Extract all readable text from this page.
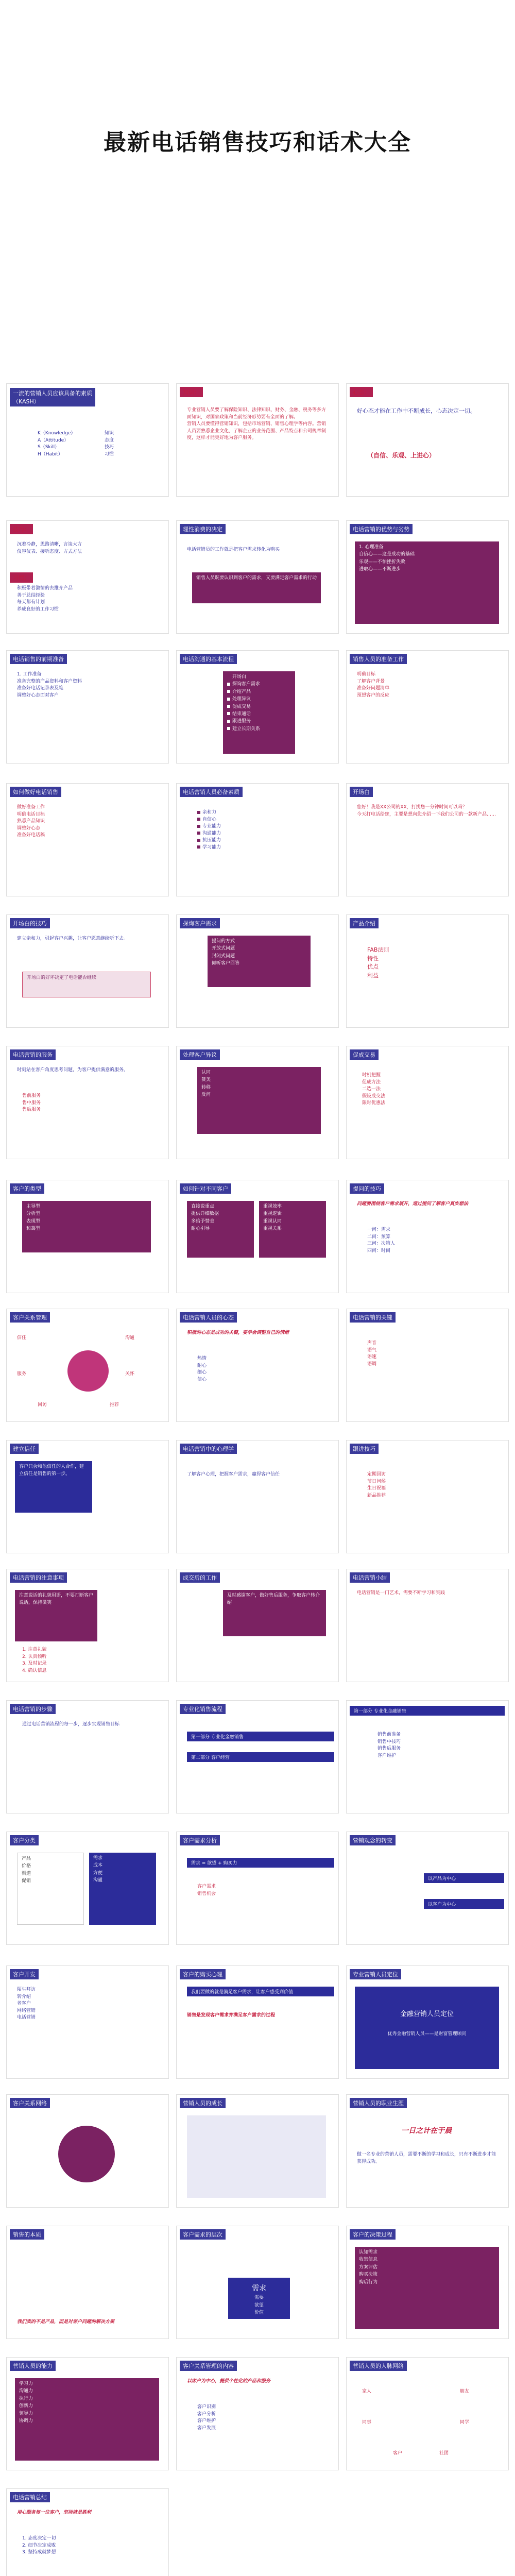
最新电话销售技巧和话术大全
一流的营销人员应该具备的素质
（KASH）
K（Knowledge）	知识
A（Attitude）	态度
S（Skill）	技巧
H（Habit）	习惯
知识：
专业营销人员要了解保险知识、法律知识、财务、金融、税务等多方面知识，对国家政策和当前经济形势要有全面的了解。
营销人员要懂得营销知识，包括市场营销、销售心理学等内容。营销人员要熟悉企业文化，了解企业的业务范围、产品特点和公司规章制度，这样才能更好地为客户服务。
心态：
好心态才能在工作中不断成长，心态决定一切。
（自信、乐观、上进心）
技巧：
沉着冷静，思路清晰，言谈大方
仪容仪表、接听态度、方式方法
习惯：
积极带着激情的去推介产品
善于总结经验
每天都有计划
养成良好的工作习惯
理性消费的决定
电话营销员的工作就是把客户需求转化为购买
销售人员既要认识到客户的需求，又要满足客户需求的行动
电话营销的优势与劣势
1. 心理准备
自信心——这是成功的基础
乐观——不怕挫折失败
进取心——不断进步
电话销售的前期准备
1. 工作准备
准备完整的产品资料和客户资料
准备好电话记录表及笔
调整好心态面对客户
电话沟通的基本流程
开场白
探询客户需求
介绍产品
处理异议
促成交易
结束通话
跟进服务
建立长期关系
销售人员的准备工作
明确目标
了解客户背景
准备好问题清单
预想客户的反应
如何做好电话销售
做好准备工作
明确电话目标
熟悉产品知识
调整好心态
准备好电话稿
电话营销人员必备素质
亲和力
自信心
专业能力
沟通能力
抗压能力
学习能力
开场白
您好！我是XX公司的XX，打扰您一分钟时间可以吗？
今天打电话给您，主要是想向您介绍一下我们公司的一款新产品……
开场白的技巧
建立亲和力，引起客户兴趣，让客户愿意继续听下去。
开场白的好坏决定了电话能否继续
探询客户需求
提问的方式
开放式问题
封闭式问题
倾听客户回答
产品介绍
FAB法则
特性
优点
利益
电话营销的服务
时刻站在客户角度思考问题，为客户提供满意的服务。
售前服务
售中服务
售后服务
处理客户异议
认同
赞美
转移
反问
促成交易
时机把握
促成方法
二选一法
假设成交法
限时优惠法
客户的类型
主导型
分析型
表现型
和蔼型
如何针对不同客户
直接说重点
提供详细数据
多给予赞美
耐心引导
重视效率
重视逻辑
重视认同
重视关系
提问的技巧
问题要围绕客户需求展开，通过提问了解客户真实想法
一问：需求
二问：预算
三问：决策人
四问：时间
客户关系管理
信任	沟通
服务	关怀
回访	推荐
电话营销人员的心态
积极的心态是成功的关键，要学会调整自己的情绪
热情
耐心
细心
信心
电话营销的关键
声音
语气
语速
语调
建立信任
客户只会和他信任的人合作，建立信任是销售的第一步。
电话营销中的心理学
了解客户心理，把握客户需求，赢得客户信任
跟进技巧
定期回访
节日问候
生日祝福
新品推荐
电话营销的注意事项
注意说话的礼貌用语，不要打断客户说话，保持微笑
1. 注意礼貌
2. 认真倾听
3. 及时记录
4. 确认信息
成交后的工作
及时感谢客户，做好售后服务，争取客户转介绍
电话营销小结
电话营销是一门艺术，需要不断学习和实践
电话营销的步骤
通过电话营销流程的每一步，逐步实现销售目标
专业化销售流程
第一部分 专业化金融销售
第二部分 客户经营
第一部分 专业化金融销售
销售前准备
销售中技巧
销售后服务
客户维护
客户分类
产品
价格
渠道
促销
需求
成本
方便
沟通
客户需求分析
需求 = 欲望 + 购买力
客户需求
销售机会
营销观念的转变
以产品为中心
以客户为中心
客户开发
陌生拜访
转介绍
老客户
网络营销
电话营销
客户的购买心理
我们要做的就是满足客户需求，让客户感受到价值
销售是发现客户需求并满足客户需求的过程
专业营销人员定位
金融营销人员定位
优秀金融营销人员——是财富管理顾问
客户关系网络	营销人员的成长	营销人员的职业生涯
一日之计在于晨
做一名专业的营销人员，需要不断的学习和成长，只有不断进步才能获得成功。
销售的本质
我们卖的不是产品，而是对客户问题的解决方案
客户需求的层次
需求
需要
欲望
价值
客户的决策过程
认知需求
收集信息
方案评估
购买决策
购后行为
营销人员的能力
学习力
沟通力
执行力
创新力
领导力
协调力
客户关系管理的内容
以客户为中心，提供个性化的产品和服务
客户识别
客户分析
客户维护
客户发展
营销人员的人脉网络
家人	朋友
同事	同学
客户	社团
电话营销总结
用心服务每一位客户，坚持就是胜利
1. 态度决定一切
2. 细节决定成败
3. 坚持成就梦想
